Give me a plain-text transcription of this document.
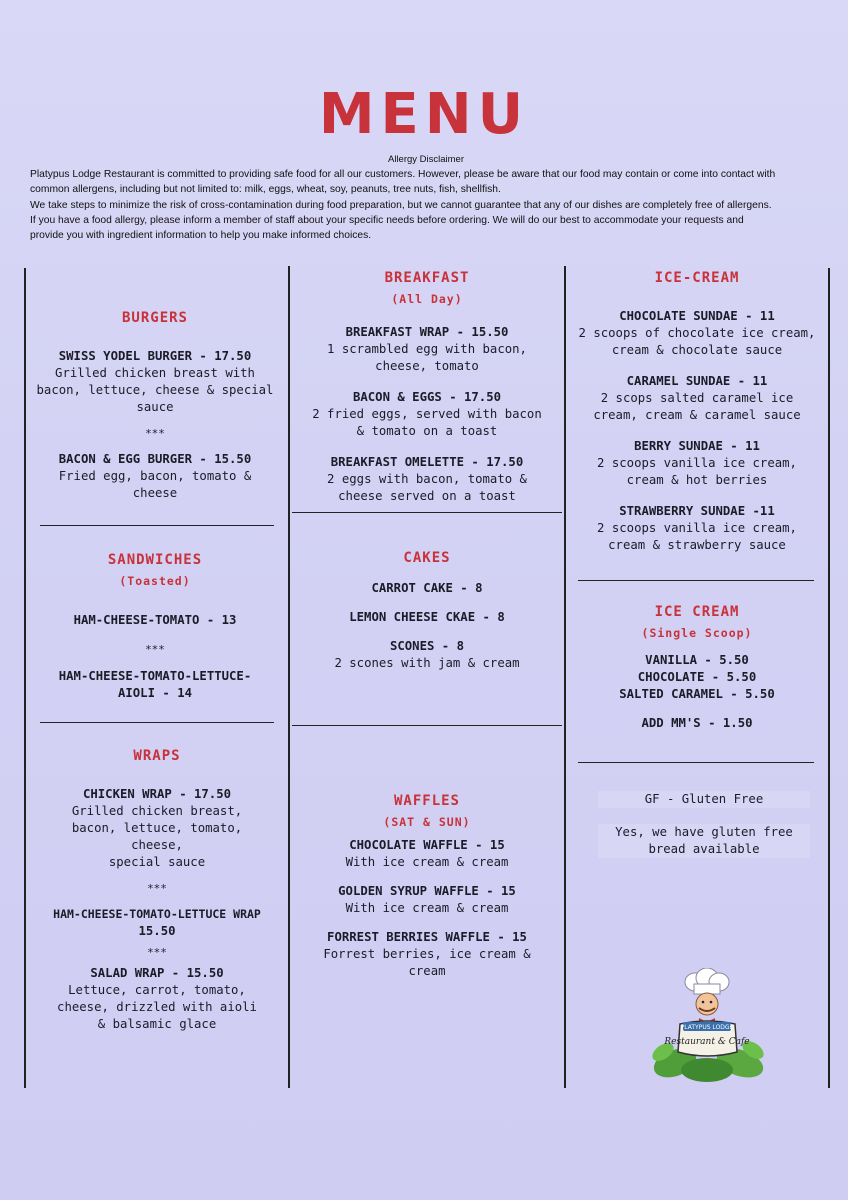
MENU
Allergy Disclaimer

Platypus Lodge Restaurant is committed to providing safe food for all our customers. However, please be aware that our food may contain or come into contact with

common allergens, including but not limited to: milk, eggs, wheat, soy, peanuts, tree nuts, fish, shellfish.

We take steps to minimize the risk of cross-contamination during food preparation, but we cannot guarantee that any of our dishes are completely free of allergens.

If you have a food allergy, please inform a member of staff about your specific needs before ordering. We will do our best to accommodate your requests and

provide you with ingredient information to help you make informed choices.

BURGERS
SWISS YODEL BURGER - 17.50
Grilled chicken breast with
bacon, lettuce, cheese & special
sauce
***
BACON & EGG BURGER - 15.50
Fried egg, bacon, tomato &
cheese
SANDWICHES
(Toasted)
HAM-CHEESE-TOMATO - 13
***
HAM-CHEESE-TOMATO-LETTUCE-
AIOLI - 14
WRAPS
CHICKEN WRAP - 17.50
Grilled chicken breast,
bacon, lettuce, tomato,
cheese,
special sauce
***
HAM-CHEESE-TOMATO-LETTUCE WRAP
15.50
***
SALAD WRAP - 15.50
Lettuce, carrot, tomato,
cheese, drizzled with aioli
& balsamic glace
BREAKFAST
(All Day)
BREAKFAST WRAP - 15.50
1 scrambled egg with bacon,
cheese, tomato
BACON & EGGS - 17.50
2 fried eggs, served with bacon
& tomato on a toast
BREAKFAST OMELETTE - 17.50
2 eggs with bacon, tomato &
cheese served on a toast
CAKES
CARROT CAKE - 8
LEMON CHEESE CKAE - 8
SCONES - 8
2 scones with jam & cream
WAFFLES
(SAT & SUN)
CHOCOLATE WAFFLE - 15
With ice cream & cream
GOLDEN SYRUP WAFFLE - 15
With ice cream & cream
FORREST BERRIES WAFFLE - 15
Forrest berries, ice cream &
cream
ICE-CREAM
CHOCOLATE SUNDAE - 11
2 scoops of chocolate ice cream,
cream & chocolate sauce
CARAMEL SUNDAE - 11
2 scops salted caramel ice
cream, cream & caramel sauce
BERRY SUNDAE - 11
2 scoops vanilla ice cream,
cream & hot berries
STRAWBERRY SUNDAE -11
2 scoops vanilla ice cream,
cream & strawberry sauce
ICE CREAM
(Single Scoop)
VANILLA - 5.50
CHOCOLATE - 5.50
SALTED CARAMEL - 5.50
ADD MM'S - 1.50
GF - Gluten Free
Yes, we have gluten free
bread available
PLATYPUS LODGE
Restaurant & Cafe
